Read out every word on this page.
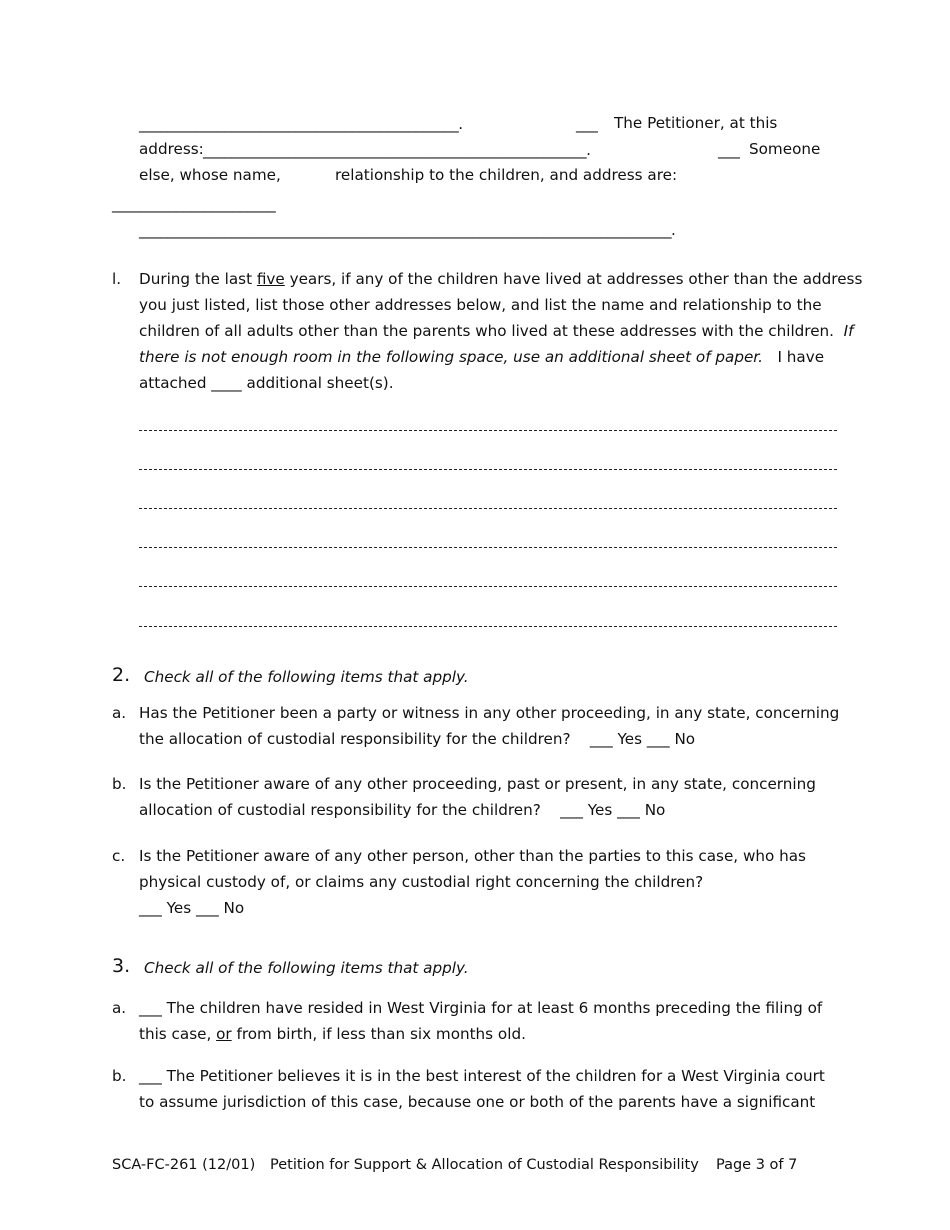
_____________________________________________.	___ The Petitioner, at this
address: ______________________________________________________.	___ Someone
else, whose name,	relationship to the children, and address are:
_______________________
___________________________________________________________________________.
l. During the last five years, if any of the children have lived at addresses other than the address
you just listed, list those other addresses below, and list the name and relationship to the
children of all adults other than the parents who lived at these addresses with the children. If
there is not enough room in the following space, use an additional sheet of paper. I have
attached ____ additional sheet(s).
2. Check all of the following items that apply.
a. Has the Petitioner been a party or witness in any other proceeding, in any state, concerning
the allocation of custodial responsibility for the children? ___ Yes ___ No
b. Is the Petitioner aware of any other proceeding, past or present, in any state, concerning
allocation of custodial responsibility for the children? ___ Yes ___ No
c. Is the Petitioner aware of any other person, other than the parties to this case, who has
physical custody of, or claims any custodial right concerning the children?
___ Yes ___ No
3. Check all of the following items that apply.
a. ___ The children have resided in West Virginia for at least 6 months preceding the filing of
this case, or from birth, if less than six months old.
b. ___ The Petitioner believes it is in the best interest of the children for a West Virginia court
to assume jurisdiction of this case, because one or both of the parents have a significant
SCA-FC-261 (12/01) Petition for Support & Allocation of Custodial Responsibility Page 3 of 7
